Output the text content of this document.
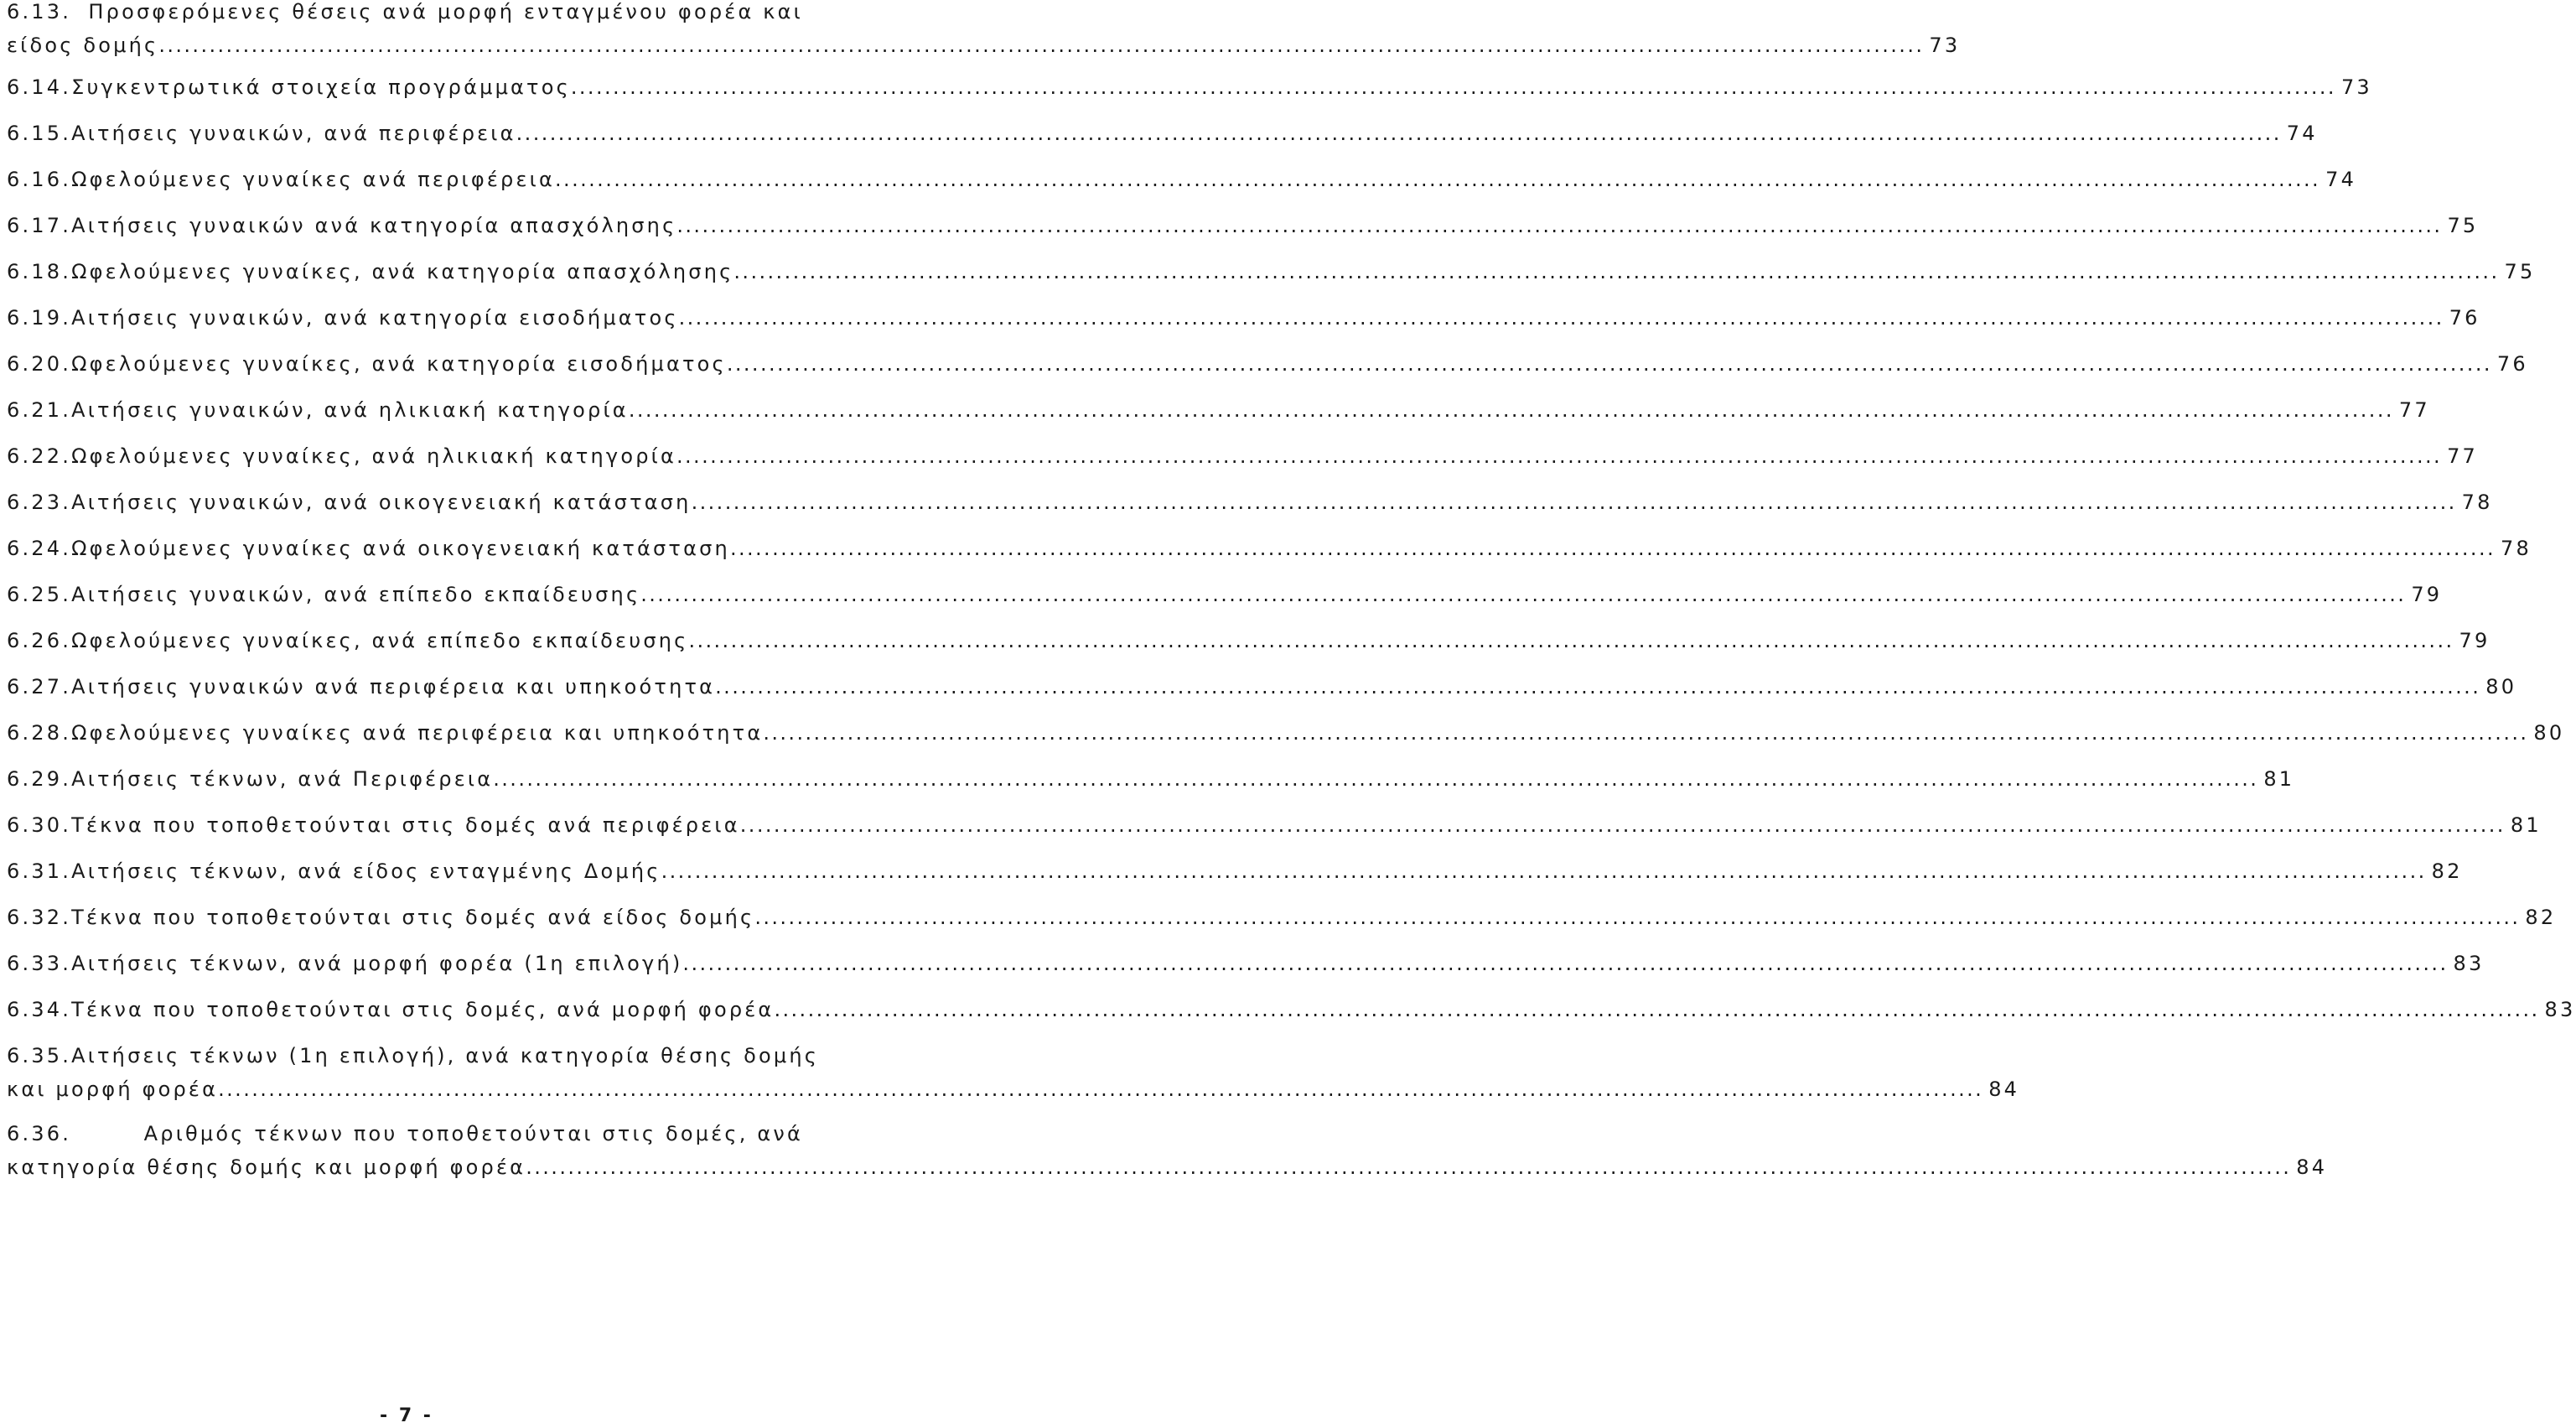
6.13. Προσφερόμενες θέσεις ανά μορφή ενταγμένου φορέα και
είδος δομής .....	73
6.14. Συγκεντρωτικά στοιχεία προγράμματος .....	73
6.15. Αιτήσεις γυναικών, ανά περιφέρεια .....	74
6.16. Ωφελούμενες γυναίκες ανά περιφέρεια .....	74
6.17. Αιτήσεις γυναικών ανά κατηγορία απασχόλησης .....	75
6.18. Ωφελούμενες γυναίκες, ανά κατηγορία απασχόλησης .....	75
6.19. Αιτήσεις γυναικών, ανά κατηγορία εισοδήματος .....	76
6.20. Ωφελούμενες γυναίκες, ανά κατηγορία εισοδήματος .....	76
6.21. Αιτήσεις γυναικών, ανά ηλικιακή κατηγορία .....	77
6.22. Ωφελούμενες γυναίκες, ανά ηλικιακή κατηγορία .....	77
6.23. Αιτήσεις γυναικών, ανά οικογενειακή κατάσταση .....	78
6.24. Ωφελούμενες γυναίκες ανά οικογενειακή κατάσταση .....	78
6.25. Αιτήσεις γυναικών, ανά επίπεδο εκπαίδευσης .....	79
6.26. Ωφελούμενες γυναίκες, ανά επίπεδο εκπαίδευσης .....	79
6.27. Αιτήσεις γυναικών ανά περιφέρεια και υπηκοότητα .....	80
6.28. Ωφελούμενες γυναίκες ανά περιφέρεια και υπηκοότητα .....	80
6.29. Αιτήσεις τέκνων, ανά Περιφέρεια .....	81
6.30. Τέκνα που τοποθετούνται στις δομές ανά περιφέρεια .....	81
6.31. Αιτήσεις τέκνων, ανά είδος ενταγμένης Δομής .....	82
6.32. Τέκνα που τοποθετούνται στις δομές ανά είδος δομής .....	82
6.33. Αιτήσεις τέκνων, ανά μορφή φορέα (1η επιλογή) .....	83
6.34. Τέκνα που τοποθετούνται στις δομές, ανά μορφή φορέα .....	83
6.35. Αιτήσεις τέκνων (1η επιλογή), ανά κατηγορία θέσης δομής
και μορφή φορέα .....	84
6.36.	Αριθμός τέκνων που τοποθετούνται στις δομές, ανά
κατηγορία θέσης δομής και μορφή φορέα .....	84
- 7 -
